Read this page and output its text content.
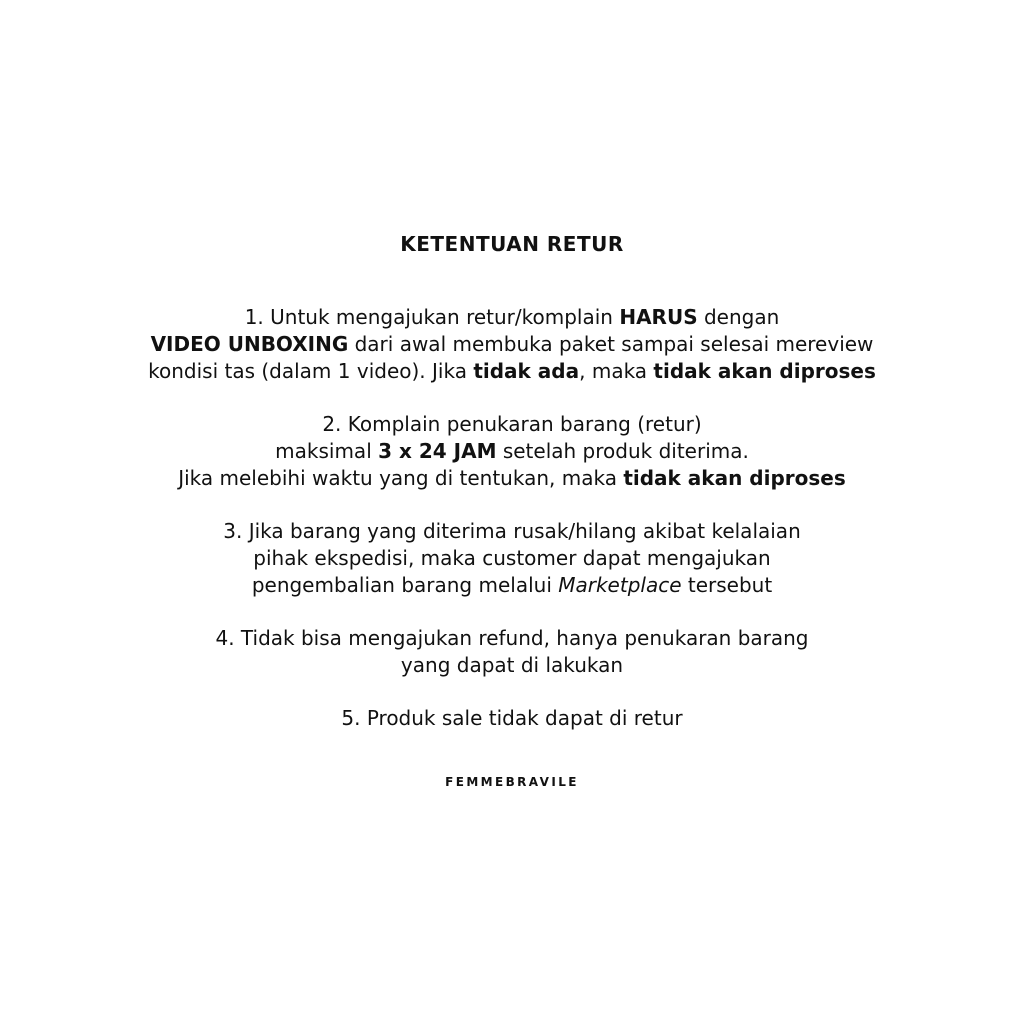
KETENTUAN RETUR
1. Untuk mengajukan retur/komplain HARUS dengan
VIDEO UNBOXING dari awal membuka paket sampai selesai mereview
kondisi tas (dalam 1 video). Jika tidak ada, maka tidak akan diproses
2. Komplain penukaran barang (retur)
maksimal 3 x 24 JAM setelah produk diterima.
Jika melebihi waktu yang di tentukan, maka tidak akan diproses
3. Jika barang yang diterima rusak/hilang akibat kelalaian
pihak ekspedisi, maka customer dapat mengajukan
pengembalian barang melalui Marketplace tersebut
4. Tidak bisa mengajukan refund, hanya penukaran barang
yang dapat di lakukan
5. Produk sale tidak dapat di retur
FEMMEBRAVILE
